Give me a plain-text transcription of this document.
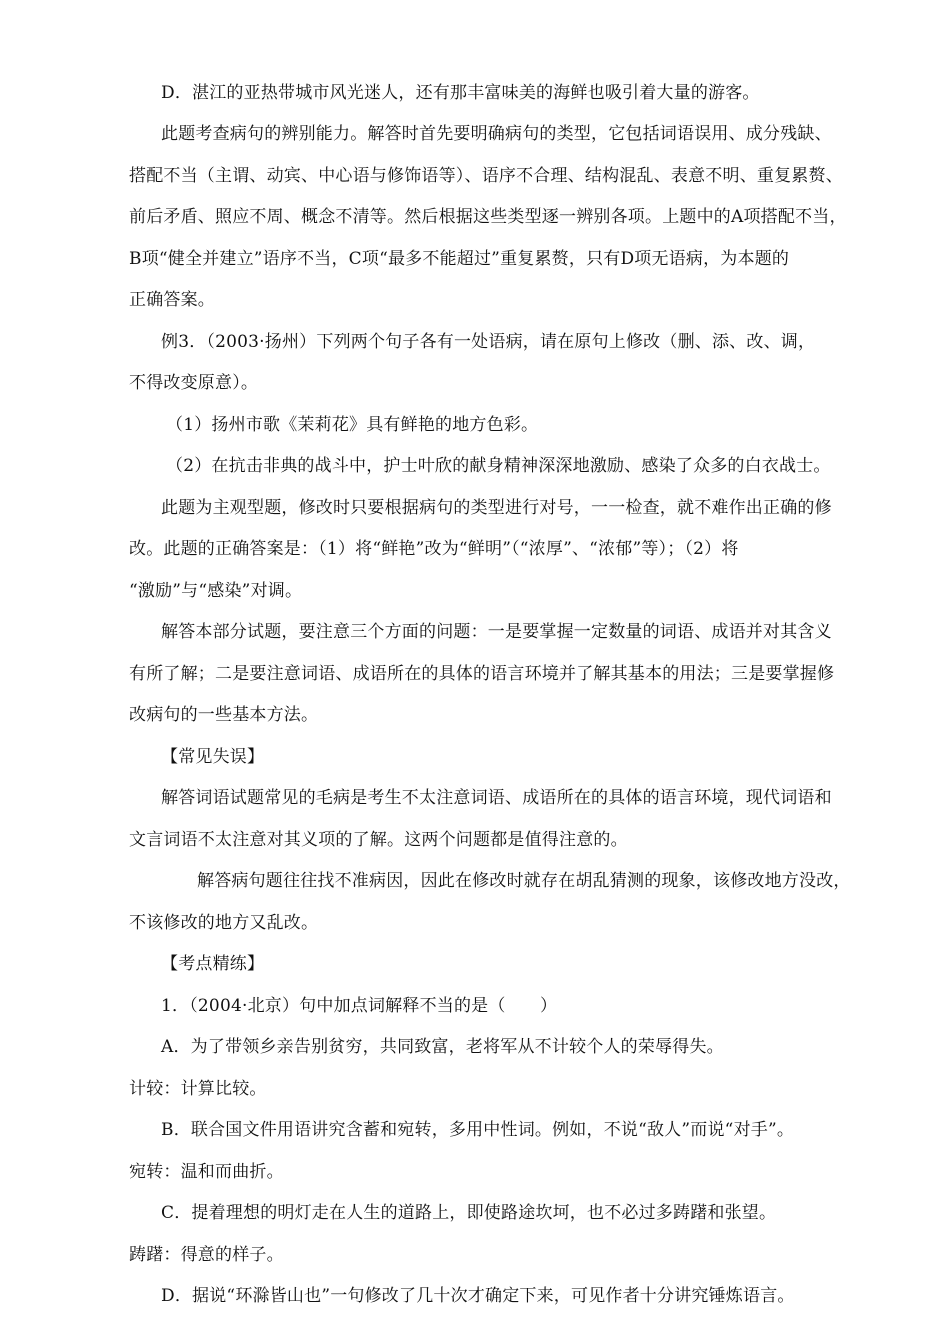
D．湛江的亚热带城市风光迷人，还有那丰富味美的海鲜也吸引着大量的游客。
此题考查病句的辨别能力。解答时首先要明确病句的类型，它包括词语误用、成分残缺、
搭配不当（主谓、动宾、中心语与修饰语等）、语序不合理、结构混乱、表意不明、重复累赘、
前后矛盾、照应不周、概念不清等。然后根据这些类型逐一辨别各项。上题中的A项搭配不当，
B项“健全并建立”语序不当，C项“最多不能超过”重复累赘，只有D项无语病，为本题的
正确答案。
例3．（2003·扬州）下列两个句子各有一处语病，请在原句上修改（删、添、改、调，
不得改变原意）。
（1）扬州市歌《茉莉花》具有鲜艳的地方色彩。
（2）在抗击非典的战斗中，护士叶欣的献身精神深深地激励、感染了众多的白衣战士。
此题为主观型题，修改时只要根据病句的类型进行对号，一一检查，就不难作出正确的修
改。此题的正确答案是：（1）将“鲜艳”改为“鲜明”（“浓厚”、“浓郁”等）；（2）将
“激励”与“感染”对调。
解答本部分试题，要注意三个方面的问题：一是要掌握一定数量的词语、成语并对其含义
有所了解；二是要注意词语、成语所在的具体的语言环境并了解其基本的用法；三是要掌握修
改病句的一些基本方法。
【常见失误】
解答词语试题常见的毛病是考生不太注意词语、成语所在的具体的语言环境，现代词语和
文言词语不太注意对其义项的了解。这两个问题都是值得注意的。
解答病句题往往找不准病因，因此在修改时就存在胡乱猜测的现象，该修改地方没改，
不该修改的地方又乱改。
【考点精练】
1．（2004·北京）句中加点词解释不当的是（　　）
A．为了带领乡亲告别贫穷，共同致富，老将军从不计较个人的荣辱得失。
计较：计算比较。
B．联合国文件用语讲究含蓄和宛转，多用中性词。例如，不说“敌人”而说“对手”。
宛转：温和而曲折。
C．提着理想的明灯走在人生的道路上，即使路途坎坷，也不必过多踌躇和张望。
踌躇：得意的样子。
D．据说“环滁皆山也”一句修改了几十次才确定下来，可见作者十分讲究锤炼语言。
